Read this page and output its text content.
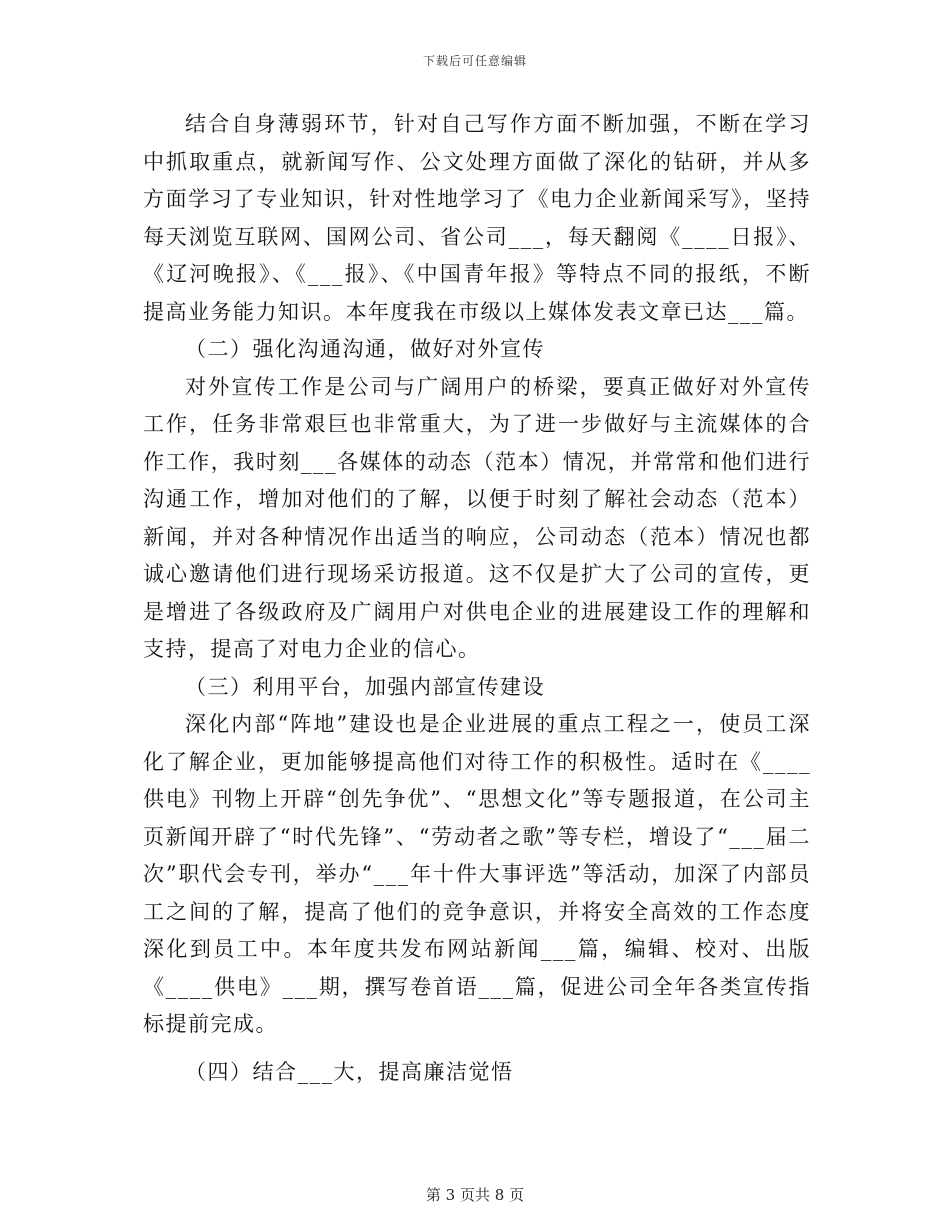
下载后可任意编辑

结合自身薄弱环节，针对自己写作方面不断加强，不断在学习中抓取重点，就新闻写作、公文处理方面做了深化的钻研，并从多方面学习了专业知识，针对性地学习了《电力企业新闻采写》，坚持每天浏览互联网、国网公司、省公司___，每天翻阅《____日报》、《辽河晚报》、《___报》、《中国青年报》等特点不同的报纸，不断提高业务能力知识。本年度我在市级以上媒体发表文章已达___篇。

（二）强化沟通沟通，做好对外宣传

对外宣传工作是公司与广阔用户的桥梁，要真正做好对外宣传工作，任务非常艰巨也非常重大，为了进一步做好与主流媒体的合作工作，我时刻___各媒体的动态（范本）情况，并常常和他们进行沟通工作，增加对他们的了解，以便于时刻了解社会动态（范本）新闻，并对各种情况作出适当的响应，公司动态（范本）情况也都诚心邀请他们进行现场采访报道。这不仅是扩大了公司的宣传，更是增进了各级政府及广阔用户对供电企业的进展建设工作的理解和支持，提高了对电力企业的信心。

（三）利用平台，加强内部宣传建设

深化内部“阵地”建设也是企业进展的重点工程之一，使员工深化了解企业，更加能够提高他们对待工作的积极性。适时在《____供电》刊物上开辟“创先争优”、“思想文化”等专题报道，在公司主页新闻开辟了“时代先锋”、“劳动者之歌”等专栏，增设了“___届二次”职代会专刊，举办“___年十件大事评选”等活动，加深了内部员工之间的了解，提高了他们的竞争意识，并将安全高效的工作态度深化到员工中。本年度共发布网站新闻___篇，编辑、校对、出版《____供电》___期，撰写卷首语___篇，促进公司全年各类宣传指标提前完成。

（四）结合___大，提高廉洁觉悟

第 3 页共 8 页
